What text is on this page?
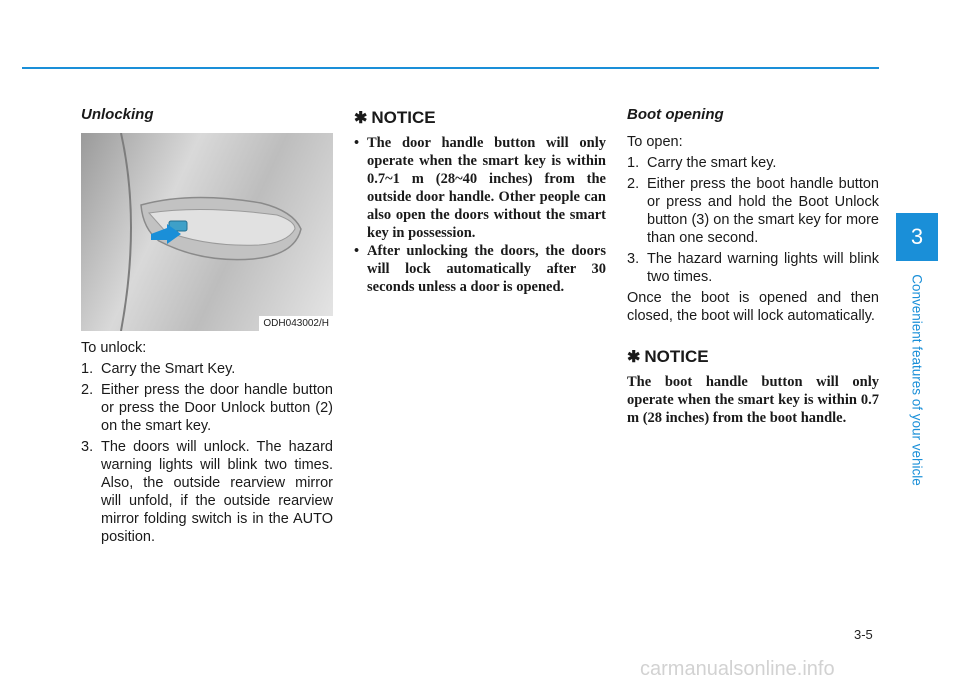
Unlocking
ODH043002/H

To unlock:

1. Carry the Smart Key.
2. Either press the door handle button or press the Door Unlock button (2) on the smart key.
3. The doors will unlock. The hazard warning lights will blink two times. Also, the outside rearview mirror will unfold, if the outside rearview mirror folding switch is in the AUTO position.
✱ NOTICE
• The door handle button will only operate when the smart key is within 0.7~1 m (28~40 inches) from the outside door handle. Other people can also open the doors without the smart key in possession.
• After unlocking the doors, the doors will lock automatically after 30 seconds unless a door is opened.
Boot opening

To open:

1. Carry the smart key.
2. Either press the boot handle button or press and hold the Boot Unlock button (3) on the smart key for more than one second.
3. The hazard warning lights will blink two times.

Once the boot is opened and then closed, the boot will lock automatically.

✱ NOTICE

The boot handle button will only operate when the smart key is within 0.7 m (28 inches) from the boot handle.

3
Convenient features of your vehicle
3-5
carmanualsonline.info
